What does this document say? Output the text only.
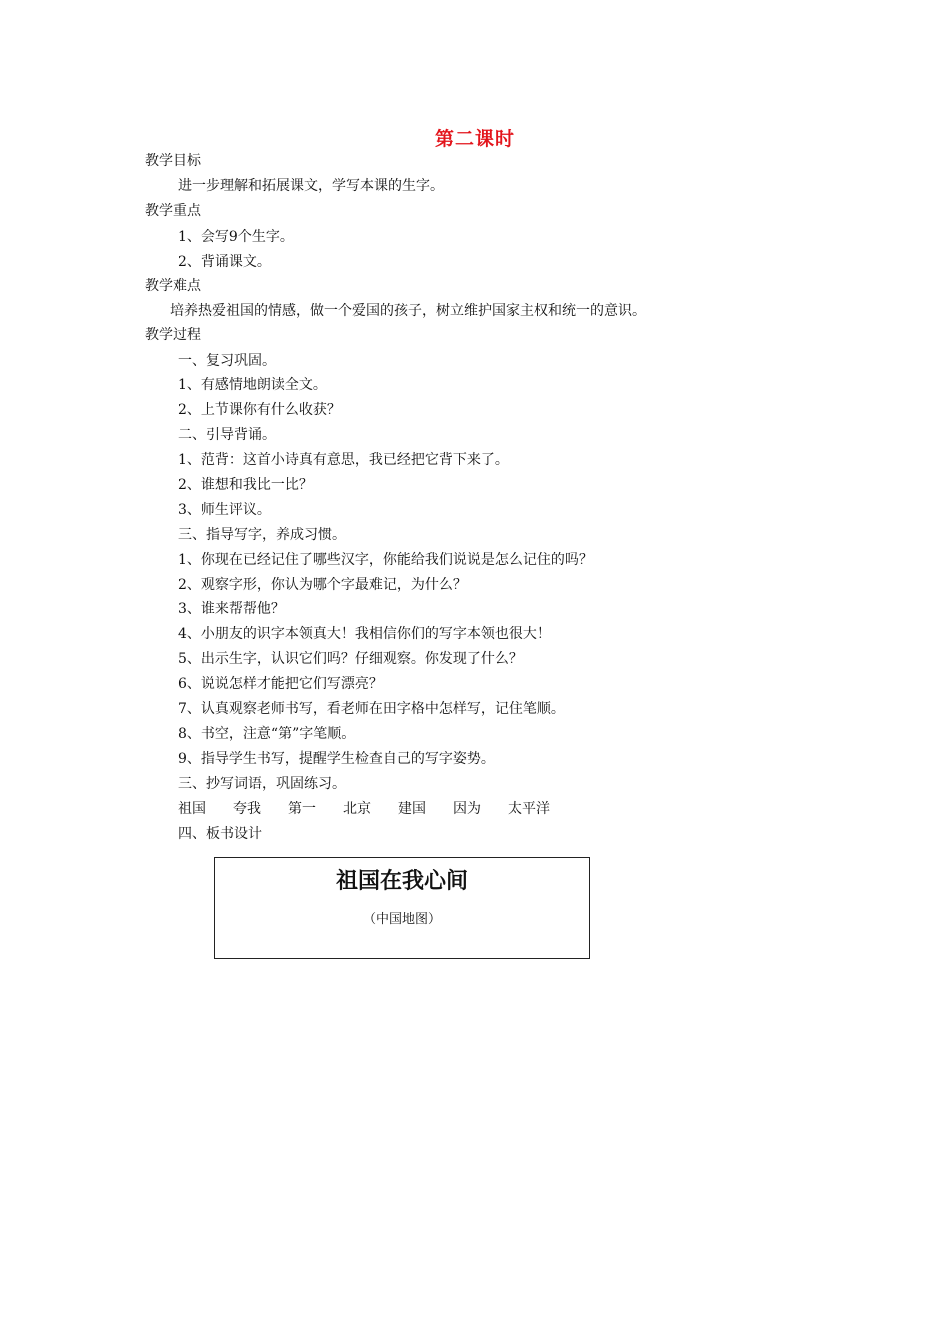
第二课时
教学目标
进一步理解和拓展课文，学写本课的生字。
教学重点
1、会写9个生字。
2、背诵课文。
教学难点
培养热爱祖国的情感，做一个爱国的孩子，树立维护国家主权和统一的意识。
教学过程
一、复习巩固。
1、有感情地朗读全文。
2、上节课你有什么收获？
二、引导背诵。
1、范背：这首小诗真有意思，我已经把它背下来了。
2、谁想和我比一比？
3、师生评议。
三、指导写字，养成习惯。
1、你现在已经记住了哪些汉字，你能给我们说说是怎么记住的吗？
2、观察字形，你认为哪个字最难记，为什么？
3、谁来帮帮他？
4、小朋友的识字本领真大！我相信你们的写字本领也很大！
5、出示生字，认识它们吗？仔细观察。你发现了什么？
6、说说怎样才能把它们写漂亮？
7、认真观察老师书写，看老师在田字格中怎样写，记住笔顺。
8、书空，注意“第”字笔顺。
9、指导学生书写，提醒学生检查自己的写字姿势。
三、抄写词语，巩固练习。
祖国 夸我 第一 北京 建国 因为 太平洋
四、板书设计
祖国在我心间
（中国地图）
